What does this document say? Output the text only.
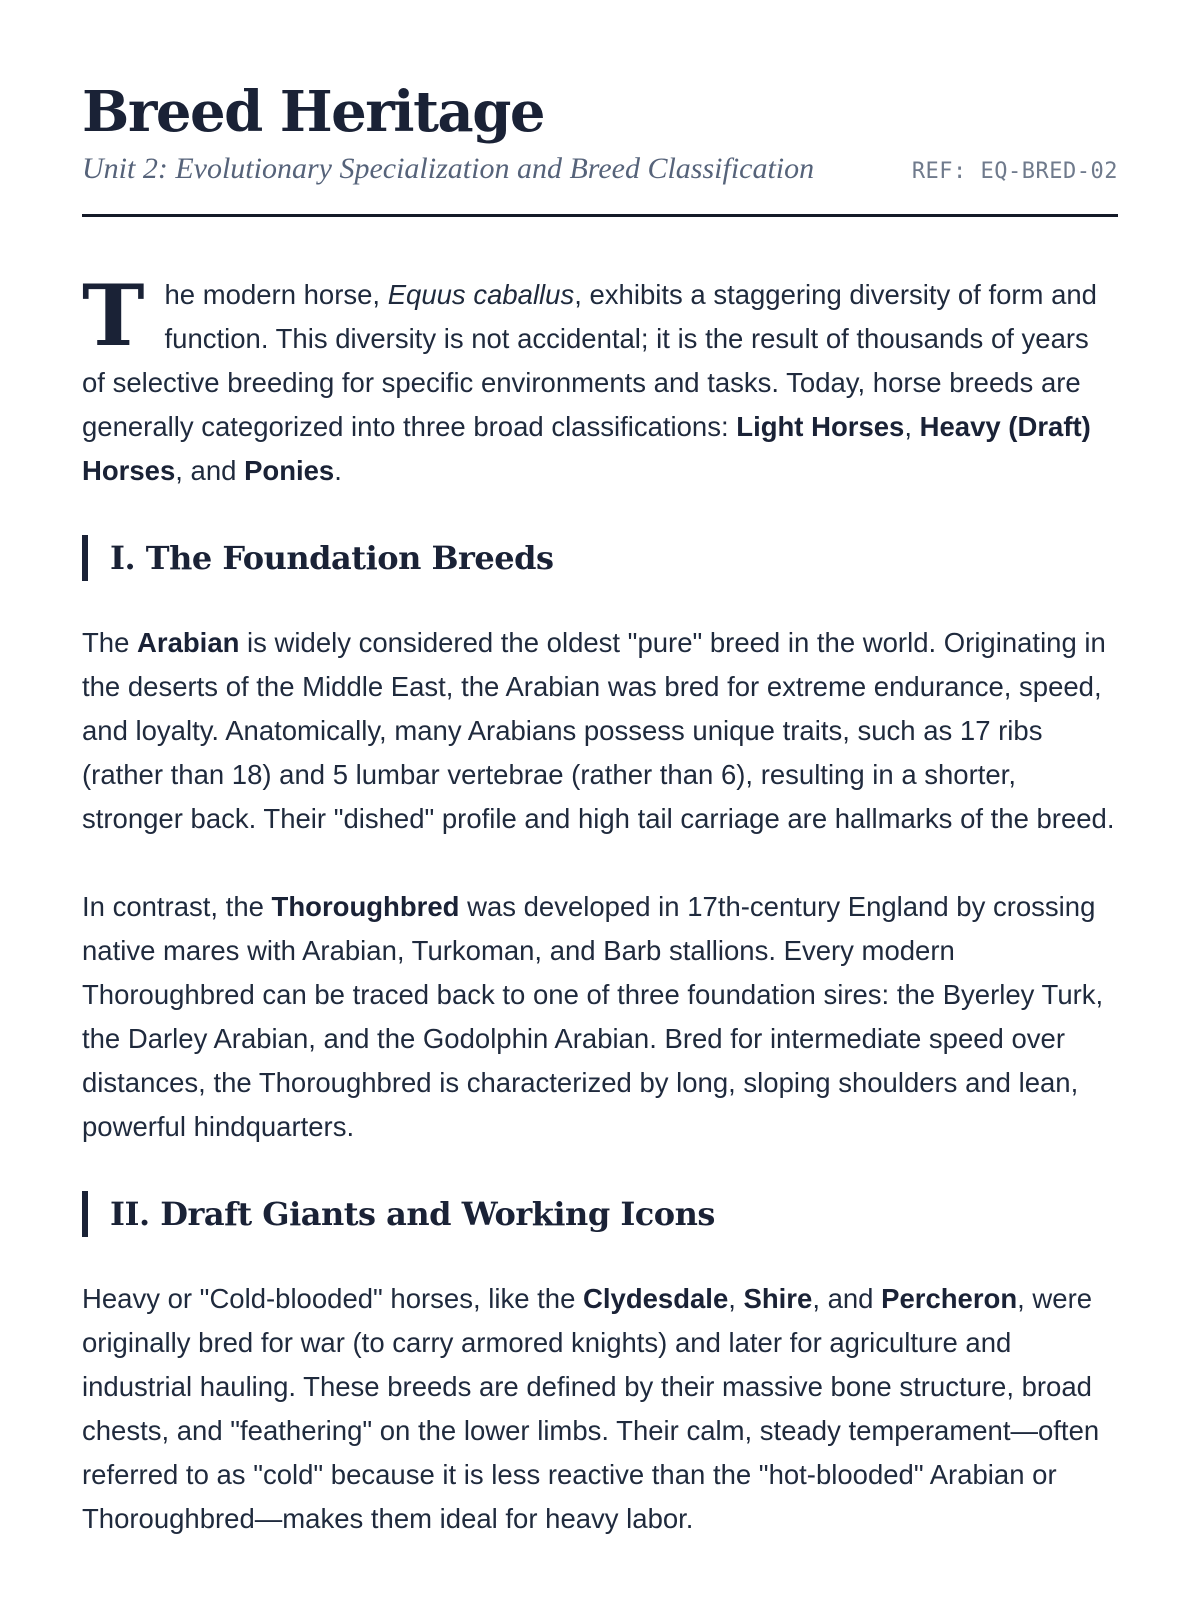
Breed Heritage
Unit 2: Evolutionary Specialization and Breed Classification	REF: EQ-BRED-02

The modern horse, Equus caballus, exhibits a staggering diversity of form and function. This diversity is not accidental; it is the result of thousands of years of selective breeding for specific environments and tasks. Today, horse breeds are generally categorized into three broad classifications: Light Horses, Heavy (Draft) Horses, and Ponies.

I. The Foundation Breeds

The Arabian is widely considered the oldest "pure" breed in the world. Originating in the deserts of the Middle East, the Arabian was bred for extreme endurance, speed, and loyalty. Anatomically, many Arabians possess unique traits, such as 17 ribs (rather than 18) and 5 lumbar vertebrae (rather than 6), resulting in a shorter, stronger back. Their "dished" profile and high tail carriage are hallmarks of the breed.

In contrast, the Thoroughbred was developed in 17th-century England by crossing native mares with Arabian, Turkoman, and Barb stallions. Every modern Thoroughbred can be traced back to one of three foundation sires: the Byerley Turk, the Darley Arabian, and the Godolphin Arabian. Bred for intermediate speed over distances, the Thoroughbred is characterized by long, sloping shoulders and lean, powerful hindquarters.

II. Draft Giants and Working Icons

Heavy or "Cold-blooded" horses, like the Clydesdale, Shire, and Percheron, were originally bred for war (to carry armored knights) and later for agriculture and industrial hauling. These breeds are defined by their massive bone structure, broad chests, and "feathering" on the lower limbs. Their calm, steady temperament—often referred to as "cold" because it is less reactive than the "hot-blooded" Arabian or Thoroughbred—makes them ideal for heavy labor.
